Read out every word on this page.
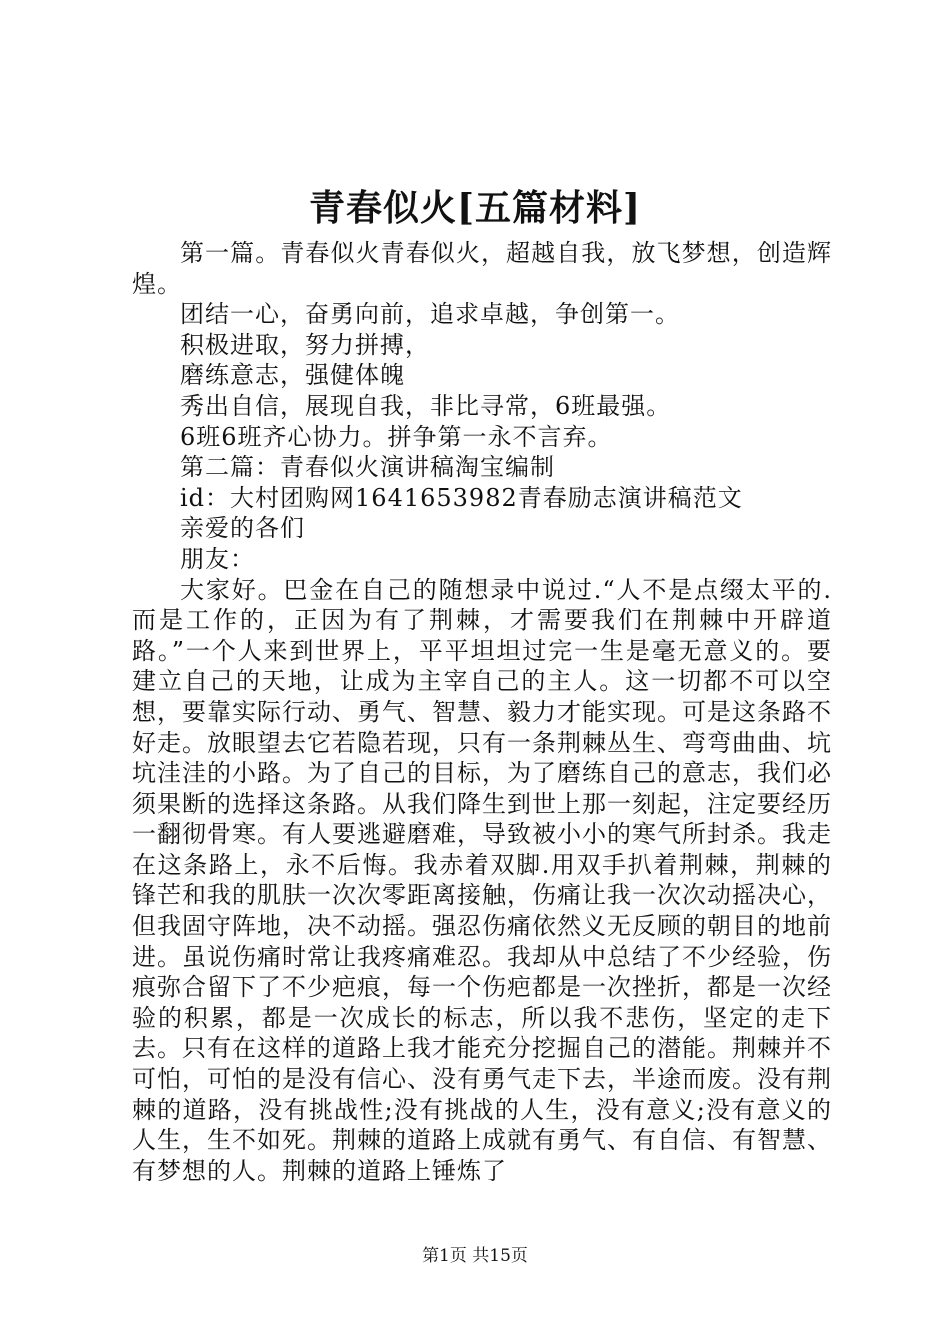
青春似火[五篇材料]

第一篇。青春似火青春似火，超越自我，放飞梦想，创造辉煌。

团结一心，奋勇向前，追求卓越，争创第一。

积极进取，努力拼搏，

磨练意志，强健体魄

秀出自信，展现自我，非比寻常，6班最强。

6班6班齐心协力。拼争第一永不言弃。

第二篇：青春似火演讲稿淘宝编制

id：大村团购网1641653982青春励志演讲稿范文

亲爱的各们

朋友：

大家好。巴金在自己的随想录中说过.“人不是点缀太平的.而是工作的，正因为有了荆棘，才需要我们在荆棘中开辟道路。”一个人来到世界上，平平坦坦过完一生是毫无意义的。要建立自己的天地，让成为主宰自己的主人。这一切都不可以空想，要靠实际行动、勇气、智慧、毅力才能实现。可是这条路不好走。放眼望去它若隐若现，只有一条荆棘丛生、弯弯曲曲、坑坑洼洼的小路。为了自己的目标，为了磨练自己的意志，我们必须果断的选择这条路。从我们降生到世上那一刻起，注定要经历一翻彻骨寒。有人要逃避磨难，导致被小小的寒气所封杀。我走在这条路上，永不后悔。我赤着双脚.用双手扒着荆棘，荆棘的锋芒和我的肌肤一次次零距离接触，伤痛让我一次次动摇决心，但我固守阵地，决不动摇。强忍伤痛依然义无反顾的朝目的地前进。虽说伤痛时常让我疼痛难忍。我却从中总结了不少经验，伤痕弥合留下了不少疤痕，每一个伤疤都是一次挫折，都是一次经验的积累，都是一次成长的标志，所以我不悲伤，坚定的走下去。只有在这样的道路上我才能充分挖掘自己的潜能。荆棘并不可怕，可怕的是没有信心、没有勇气走下去，半途而废。没有荆棘的道路，没有挑战性;没有挑战的人生，没有意义;没有意义的人生，生不如死。荆棘的道路上成就有勇气、有自信、有智慧、有梦想的人。荆棘的道路上锤炼了

第1页 共15页
